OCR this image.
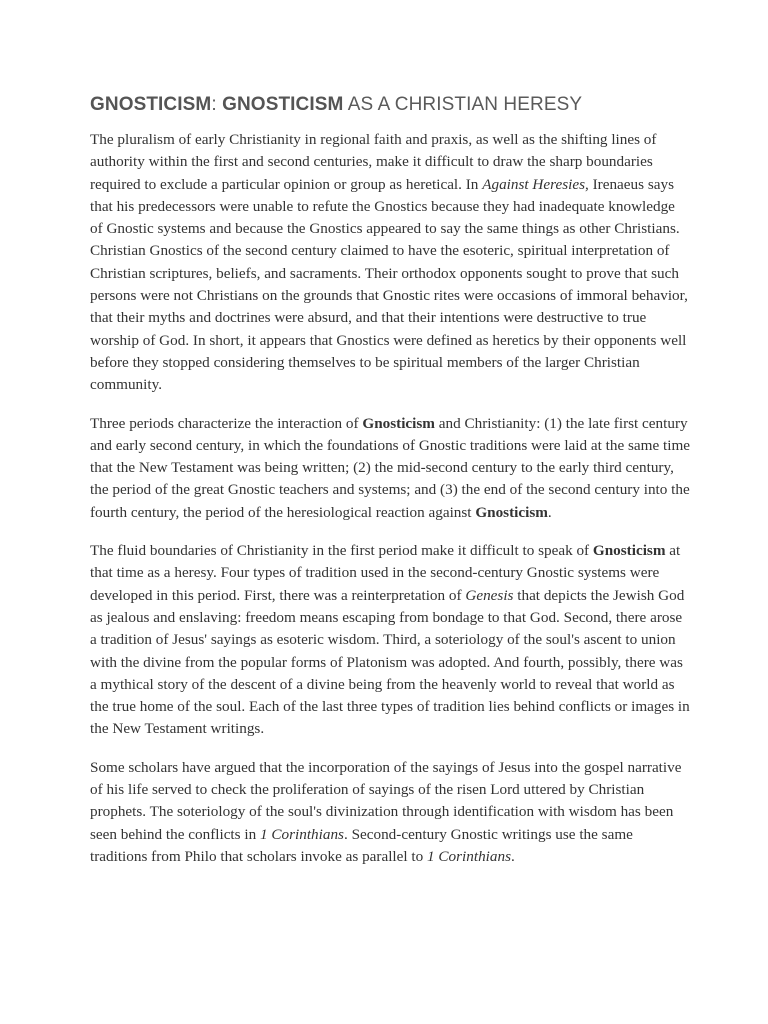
GNOSTICISM: GNOSTICISM AS A CHRISTIAN HERESY

The pluralism of early Christianity in regional faith and praxis, as well as the shifting lines of authority within the first and second centuries, make it difficult to draw the sharp boundaries required to exclude a particular opinion or group as heretical. In Against Heresies, Irenaeus says that his predecessors were unable to refute the Gnostics because they had inadequate knowledge of Gnostic systems and because the Gnostics appeared to say the same things as other Christians. Christian Gnostics of the second century claimed to have the esoteric, spiritual interpretation of Christian scriptures, beliefs, and sacraments. Their orthodox opponents sought to prove that such persons were not Christians on the grounds that Gnostic rites were occasions of immoral behavior, that their myths and doctrines were absurd, and that their intentions were destructive to true worship of God. In short, it appears that Gnostics were defined as heretics by their opponents well before they stopped considering themselves to be spiritual members of the larger Christian community.

Three periods characterize the interaction of Gnosticism and Christianity: (1) the late first century and early second century, in which the foundations of Gnostic traditions were laid at the same time that the New Testament was being written; (2) the mid-second century to the early third century, the period of the great Gnostic teachers and systems; and (3) the end of the second century into the fourth century, the period of the heresiological reaction against Gnosticism.

The fluid boundaries of Christianity in the first period make it difficult to speak of Gnosticism at that time as a heresy. Four types of tradition used in the second-century Gnostic systems were developed in this period. First, there was a reinterpretation of Genesis that depicts the Jewish God as jealous and enslaving: freedom means escaping from bondage to that God. Second, there arose a tradition of Jesus' sayings as esoteric wisdom. Third, a soteriology of the soul's ascent to union with the divine from the popular forms of Platonism was adopted. And fourth, possibly, there was a mythical story of the descent of a divine being from the heavenly world to reveal that world as the true home of the soul. Each of the last three types of tradition lies behind conflicts or images in the New Testament writings.

Some scholars have argued that the incorporation of the sayings of Jesus into the gospel narrative of his life served to check the proliferation of sayings of the risen Lord uttered by Christian prophets. The soteriology of the soul's divinization through identification with wisdom has been seen behind the conflicts in 1 Corinthians. Second-century Gnostic writings use the same traditions from Philo that scholars invoke as parallel to 1 Corinthians.
